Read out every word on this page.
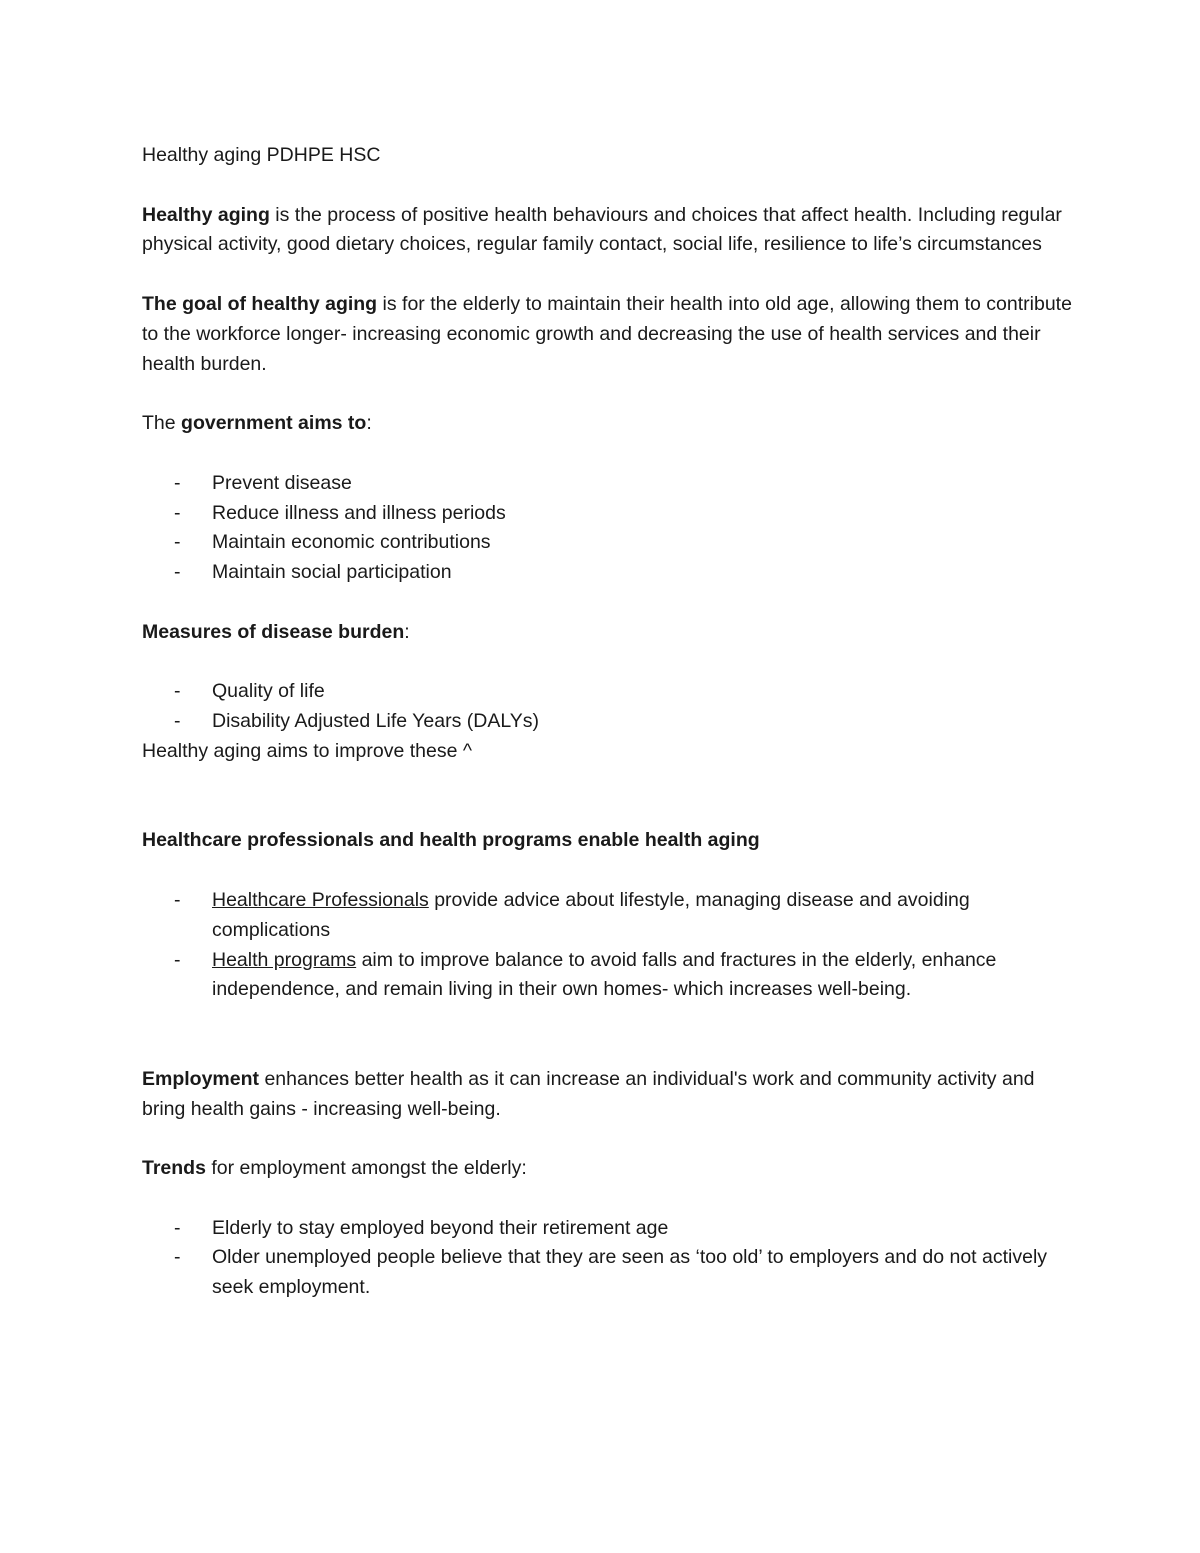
Healthy aging PDHPE HSC

Healthy aging is the process of positive health behaviours and choices that affect health. Including regular physical activity, good dietary choices, regular family contact, social life, resilience to life’s circumstances

The goal of healthy aging is for the elderly to maintain their health into old age, allowing them to contribute to the workforce longer- increasing economic growth and decreasing the use of health services and their health burden.

The government aims to:

- Prevent disease
- Reduce illness and illness periods
- Maintain economic contributions
- Maintain social participation

Measures of disease burden:

- Quality of life
- Disability Adjusted Life Years (DALYs)

Healthy aging aims to improve these ^

Healthcare professionals and health programs enable health aging

- Healthcare Professionals provide advice about lifestyle, managing disease and avoiding complications
- Health programs aim to improve balance to avoid falls and fractures in the elderly, enhance independence, and remain living in their own homes- which increases well-being.

Employment enhances better health as it can increase an individual's work and community activity and bring health gains - increasing well-being.

Trends for employment amongst the elderly:

- Elderly to stay employed beyond their retirement age
- Older unemployed people believe that they are seen as ‘too old’ to employers and do not actively seek employment.
